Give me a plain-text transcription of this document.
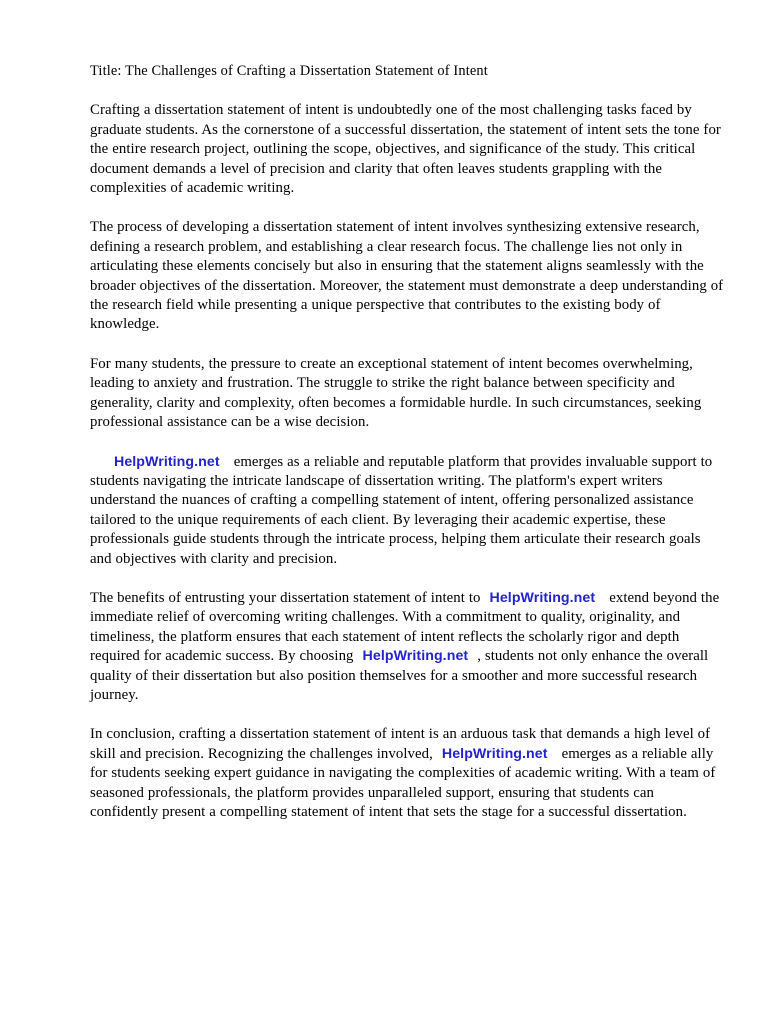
Title: The Challenges of Crafting a Dissertation Statement of Intent

Crafting a dissertation statement of intent is undoubtedly one of the most challenging tasks faced by graduate students. As the cornerstone of a successful dissertation, the statement of intent sets the tone for the entire research project, outlining the scope, objectives, and significance of the study. This critical document demands a level of precision and clarity that often leaves students grappling with the complexities of academic writing.

The process of developing a dissertation statement of intent involves synthesizing extensive research, defining a research problem, and establishing a clear research focus. The challenge lies not only in articulating these elements concisely but also in ensuring that the statement aligns seamlessly with the broader objectives of the dissertation. Moreover, the statement must demonstrate a deep understanding of the research field while presenting a unique perspective that contributes to the existing body of knowledge.

For many students, the pressure to create an exceptional statement of intent becomes overwhelming, leading to anxiety and frustration. The struggle to strike the right balance between specificity and generality, clarity and complexity, often becomes a formidable hurdle. In such circumstances, seeking professional assistance can be a wise decision.

HelpWriting.net emerges as a reliable and reputable platform that provides invaluable support to students navigating the intricate landscape of dissertation writing. The platform's expert writers understand the nuances of crafting a compelling statement of intent, offering personalized assistance tailored to the unique requirements of each client. By leveraging their academic expertise, these professionals guide students through the intricate process, helping them articulate their research goals and objectives with clarity and precision.

The benefits of entrusting your dissertation statement of intent to HelpWriting.net extend beyond the immediate relief of overcoming writing challenges. With a commitment to quality, originality, and timeliness, the platform ensures that each statement of intent reflects the scholarly rigor and depth required for academic success. By choosing HelpWriting.net , students not only enhance the overall quality of their dissertation but also position themselves for a smoother and more successful research journey.

In conclusion, crafting a dissertation statement of intent is an arduous task that demands a high level of skill and precision. Recognizing the challenges involved, HelpWriting.net emerges as a reliable ally for students seeking expert guidance in navigating the complexities of academic writing. With a team of seasoned professionals, the platform provides unparalleled support, ensuring that students can confidently present a compelling statement of intent that sets the stage for a successful dissertation.
